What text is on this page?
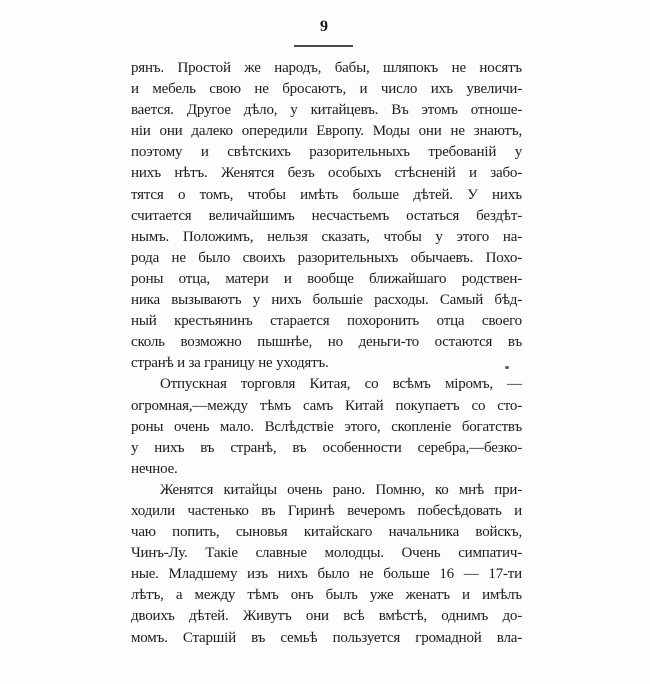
9
рянъ. Простой же народъ, бабы, шляпокъ не носятъ
и мебель свою не бросаютъ, и число ихъ увеличи-
вается. Другое дѣло, у китайцевъ. Въ этомъ отноше-
ніи они далеко опередили Европу. Моды они не знаютъ,
поэтому и свѣтскихъ разорительныхъ требованій у
нихъ нѣтъ. Женятся безъ особыхъ стѣсненій и забо-
тятся о томъ, чтобы имѣть больше дѣтей. У нихъ
считается величайшимъ несчастьемъ остаться бездѣт-
нымъ. Положимъ, нельзя сказать, чтобы у этого на-
рода не было своихъ разорительныхъ обычаевъ. Похо-
роны отца, матери и вообще ближайшаго родствен-
ника вызываютъ у нихъ большіе расходы. Самый бѣд-
ный крестьянинъ старается похоронить отца своего
сколь возможно пышнѣе, но деньги-то остаются въ
странѣ и за границу не уходятъ.
Отпускная торговля Китая, со всѣмъ міромъ, —
огромная,—между тѣмъ самъ Китай покупаетъ со сто-
роны очень мало. Вслѣдствіе этого, скопленіе богатствъ
у нихъ въ странѣ, въ особенности серебра,—безко-
нечное.
Женятся китайцы очень рано. Помню, ко мнѣ при-
ходили частенько въ Гиринѣ вечеромъ побесѣдовать и
чаю попить, сыновья китайскаго начальника войскъ,
Чинъ-Лу. Такіе славные молодцы. Очень симпатич-
ные. Младшему изъ нихъ было не больше 16 — 17-ти
лѣтъ, а между тѣмъ онъ былъ уже женатъ и имѣлъ
двоихъ дѣтей. Живутъ они всѣ вмѣстѣ, однимъ до-
момъ. Старшій въ семьѣ пользуется громадной вла-
